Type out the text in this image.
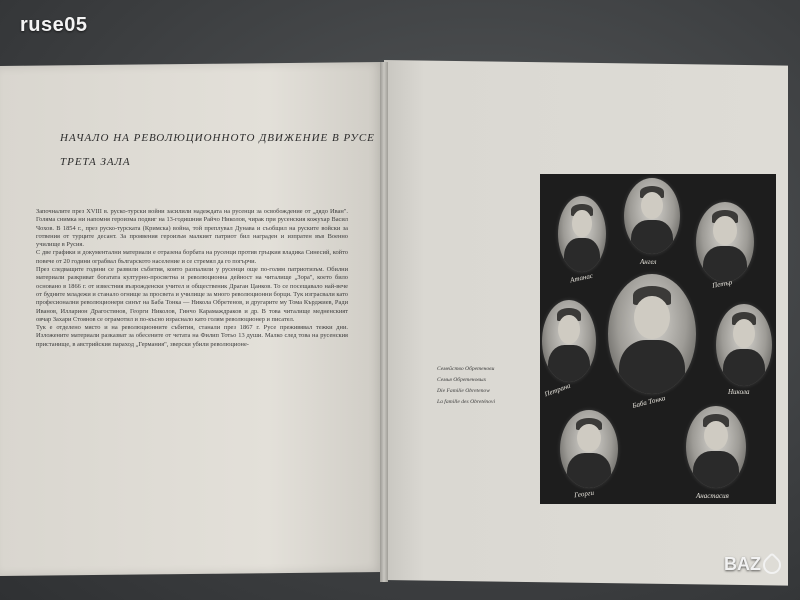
ruse05
НАЧАЛО НА РЕВОЛЮЦИОННОТО ДВИЖЕНИЕ В РУСЕ
ТРЕТА ЗАЛА

Започналите през XVIII в. руско-турски войни засилили надеждата на русенци за освобождение от „дядо Иван". Голяма снимка ни напомня героизма подвиг на 13-годишния Райчо Николов, чирак при русенския кожухар Васил Чохов. В 1854 г., през руско-турската (Кримска) война, той преплувал Дунава и съобщил на руските войски за готвения от турците десант. За проявения героизъм малкият патриот бил награден и изпратен във Военно училище в Русия.

С две графики и документални материали е отразена борбата на русенци против гръцкия владика Синесий, който повече от 20 години ограбвал българското население и се стремял да го погърчи.

През следващите години се развили събития, които разпалили у русенци още по-голям патриотизъм. Обилни материали разкриват богатата културно-просветна и революционна дейност на читалище „Зора", което било основано в 1866 г. от известния възрожденски учител и общественик Драган Цанков. То се посещавало най-вече от будните младежи и станало огнище за просвета и училище за много революционни борци. Тук изграсвали като професионални революционери синът на Баба Тонка — Никола Обретенов, и другарите му Тома Кърджиев, Ради Иванов, Илларион Драгостинов, Георги Николов, Гинчо Карамаждраков и др. В това читалище медненският овчар Захари Стоянов се ограмотил и по-късно израснало като голям революционер и писател.

Тук е отделено място и на революционните събития, станали през 1867 г. Русе преживявал тежки дни. Изложените материали разказват за обесените от четата на Филип Тотьо 13 души. Малко след това на русенския пристанище, в австрийския параход „Германия", зверски убили революционе-

Атанас
Ангел
Петър
Баба Тонка
Петрана	Никола
Георги	Анастасия
Семейство Обретенови
Семья Обретеновых
Die Familie Obretenow
La famille des Obreténovi
BAZ
